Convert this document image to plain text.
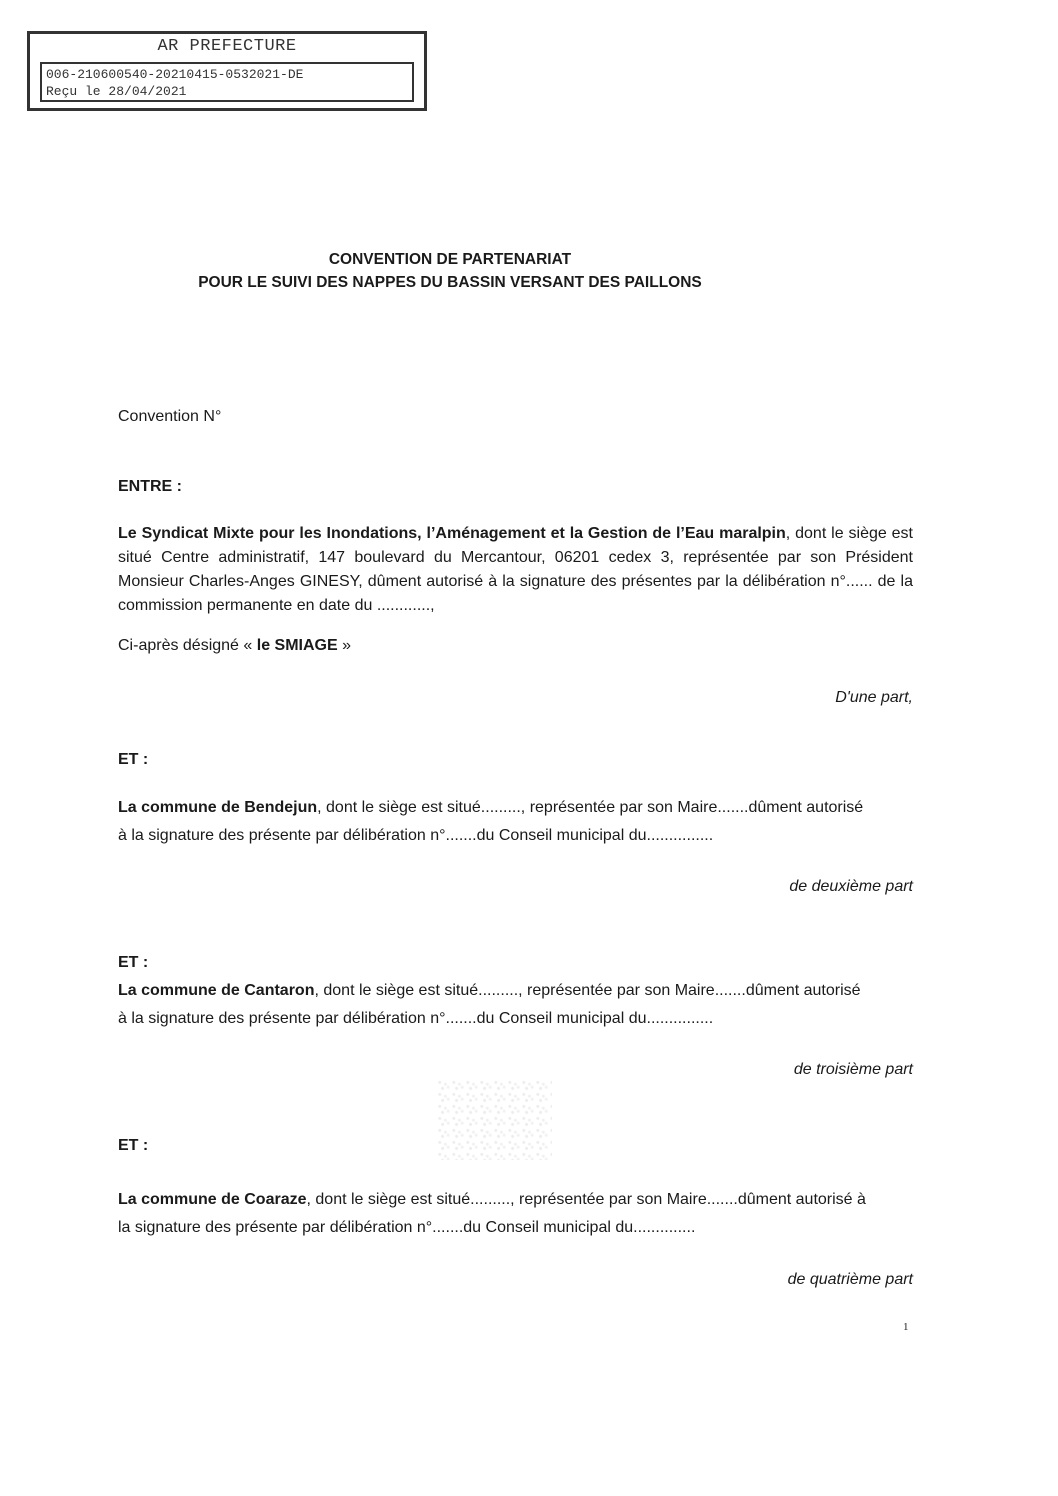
AR PREFECTURE
006-210600540-20210415-0532021-DE
Reçu le 28/04/2021
CONVENTION DE PARTENARIAT
POUR LE SUIVI DES NAPPES DU BASSIN VERSANT DES PAILLONS
Convention N°
ENTRE :
Le Syndicat Mixte pour les Inondations, l’Aménagement et la Gestion de l’Eau maralpin, dont le siège est situé Centre administratif, 147 boulevard du Mercantour, 06201 cedex 3, représentée par son Président Monsieur Charles-Anges GINESY, dûment autorisé à la signature des présentes par la délibération n°...... de la commission permanente en date du ............,
Ci-après désigné « le SMIAGE »
D'une part,
ET :
La commune de Bendejun, dont le siège est situé........., représentée par son Maire.......dûment autorisé
à la signature des présente par délibération n°.......du Conseil municipal du...............
de deuxième part
ET :
La commune de Cantaron, dont le siège est situé........., représentée par son Maire.......dûment autorisé
à la signature des présente par délibération n°.......du Conseil municipal du...............
de troisième part
ET :
La commune de Coaraze, dont le siège est situé........., représentée par son Maire.......dûment autorisé à
la signature des présente par délibération n°.......du Conseil municipal du..............
de quatrième part
1
